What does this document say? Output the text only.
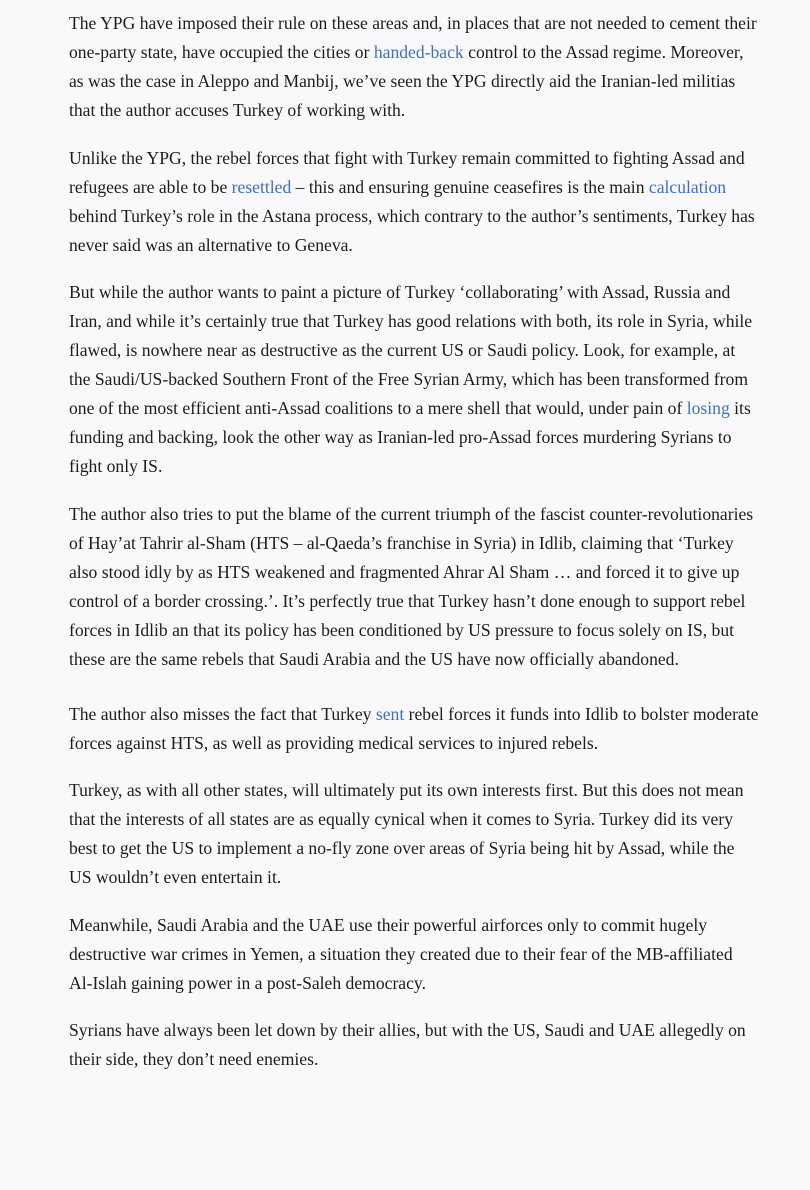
The YPG have imposed their rule on these areas and, in places that are not needed to cement their one-party state, have occupied the cities or handed-back control to the Assad regime. Moreover, as was the case in Aleppo and Manbij, we’ve seen the YPG directly aid the Iranian-led militias that the author accuses Turkey of working with.

Unlike the YPG, the rebel forces that fight with Turkey remain committed to fighting Assad and refugees are able to be resettled – this and ensuring genuine ceasefires is the main calculation behind Turkey’s role in the Astana process, which contrary to the author’s sentiments, Turkey has never said was an alternative to Geneva.

But while the author wants to paint a picture of Turkey ‘collaborating’ with Assad, Russia and Iran, and while it’s certainly true that Turkey has good relations with both, its role in Syria, while flawed, is nowhere near as destructive as the current US or Saudi policy. Look, for example, at the Saudi/US-backed Southern Front of the Free Syrian Army, which has been transformed from one of the most efficient anti-Assad coalitions to a mere shell that would, under pain of losing its funding and backing, look the other way as Iranian-led pro-Assad forces murdering Syrians to fight only IS.

The author also tries to put the blame of the current triumph of the fascist counter-revolutionaries of Hay’at Tahrir al-Sham (HTS – al-Qaeda’s franchise in Syria) in Idlib, claiming that ‘Turkey also stood idly by as HTS weakened and fragmented Ahrar Al Sham … and forced it to give up control of a border crossing.’. It’s perfectly true that Turkey hasn’t done enough to support rebel forces in Idlib an that its policy has been conditioned by US pressure to focus solely on IS, but these are the same rebels that Saudi Arabia and the US have now officially abandoned.

The author also misses the fact that Turkey sent rebel forces it funds into Idlib to bolster moderate forces against HTS, as well as providing medical services to injured rebels.

Turkey, as with all other states, will ultimately put its own interests first. But this does not mean that the interests of all states are as equally cynical when it comes to Syria. Turkey did its very best to get the US to implement a no-fly zone over areas of Syria being hit by Assad, while the US wouldn’t even entertain it.

Meanwhile, Saudi Arabia and the UAE use their powerful airforces only to commit hugely destructive war crimes in Yemen, a situation they created due to their fear of the MB-affiliated Al-Islah gaining power in a post-Saleh democracy.

Syrians have always been let down by their allies, but with the US, Saudi and UAE allegedly on their side, they don’t need enemies.
